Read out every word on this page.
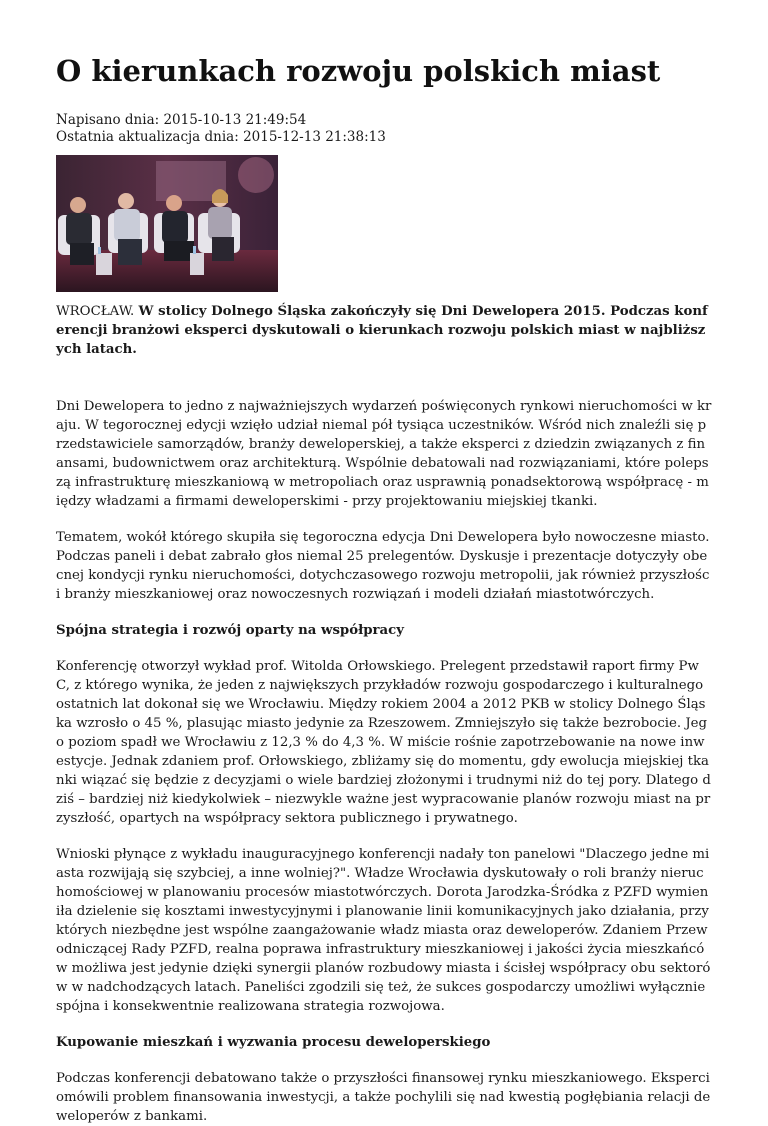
O kierunkach rozwoju polskich miast
Napisano dnia: 2015-10-13 21:49:54
Ostatnia aktualizacja dnia: 2015-12-13 21:38:13
WROCŁAW. W stolicy Dolnego Śląska zakończyły się Dni Dewelopera 2015. Podczas konferencji branżowi eksperci dyskutowali o kierunkach rozwoju polskich miast w najbliższych latach.

Dni Dewelopera to jedno z najważniejszych wydarzeń poświęconych rynkowi nieruchomości w kraju. W tegorocznej edycji wzięło udział niemal pół tysiąca uczestników. Wśród nich znaleźli się przedstawiciele samorządów, branży deweloperskiej, a także eksperci z dziedzin związanych z finansami, budownictwem oraz architekturą. Wspólnie debatowali nad rozwiązaniami, które polepszą infrastrukturę mieszkaniową w metropoliach oraz usprawnią ponadsektorową współpracę - między władzami a firmami deweloperskimi - przy projektowaniu miejskiej tkanki.

Tematem, wokół którego skupiła się tegoroczna edycja Dni Dewelopera było nowoczesne miasto. Podczas paneli i debat zabrało głos niemal 25 prelegentów. Dyskusje i prezentacje dotyczyły obecnej kondycji rynku nieruchomości, dotychczasowego rozwoju metropolii, jak również przyszłości branży mieszkaniowej oraz nowoczesnych rozwiązań i modeli działań miastotwórczych.

Spójna strategia i rozwój oparty na współpracy

Konferencję otworzył wykład prof. Witolda Orłowskiego. Prelegent przedstawił raport firmy PwC, z którego wynika, że jeden z największych przykładów rozwoju gospodarczego i kulturalnego ostatnich lat dokonał się we Wrocławiu. Między rokiem 2004 a 2012 PKB w stolicy Dolnego Śląska wzrosło o 45 %, plasując miasto jedynie za Rzeszowem. Zmniejszyło się także bezrobocie. Jego poziom spadł we Wrocławiu z 12,3 % do 4,3 %. W miście rośnie zapotrzebowanie na nowe inwestycje. Jednak zdaniem prof. Orłowskiego, zbliżamy się do momentu, gdy ewolucja miejskiej tkanki wiązać się będzie z decyzjami o wiele bardziej złożonymi i trudnymi niż do tej pory. Dlatego dziś – bardziej niż kiedykolwiek – niezwykle ważne jest wypracowanie planów rozwoju miast na przyszłość, opartych na współpracy sektora publicznego i prywatnego.

Wnioski płynące z wykładu inauguracyjnego konferencji nadały ton panelowi "Dlaczego jedne miasta rozwijają się szybciej, a inne wolniej?". Władze Wrocławia dyskutowały o roli branży nieruchomościowej w planowaniu procesów miastotwórczych. Dorota Jarodzka-Śródka z PZFD wymieniła dzielenie się kosztami inwestycyjnymi i planowanie linii komunikacyjnych jako działania, przy których niezbędne jest wspólne zaangażowanie władz miasta oraz deweloperów. Zdaniem Przewodniczącej Rady PZFD, realna poprawa infrastruktury mieszkaniowej i jakości życia mieszkańców możliwa jest jedynie dzięki synergii planów rozbudowy miasta i ścisłej współpracy obu sektorów w nadchodzących latach. Paneliści zgodzili się też, że sukces gospodarczy umożliwi wyłącznie spójna i konsekwentnie realizowana strategia rozwojowa.

Kupowanie mieszkań i wyzwania procesu deweloperskiego

Podczas konferencji debatowano także o przyszłości finansowej rynku mieszkaniowego. Eksperci omówili problem finansowania inwestycji, a także pochylili się nad kwestią pogłębiania relacji deweloperów z bankami.
